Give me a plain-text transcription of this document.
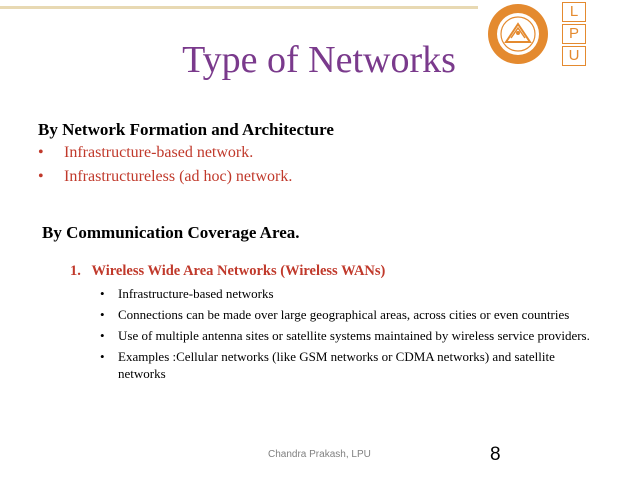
L
P
U
Type of Networks

By Network Formation and Architecture

• Infrastructure-based network.
• Infrastructureless (ad hoc) network.

By Communication Coverage Area.

1.   Wireless Wide Area Networks (Wireless WANs)

• Infrastructure-based networks
• Connections can be made over large geographical areas, across cities or even countries
• Use of multiple antenna sites or satellite systems maintained by wireless service providers.
• Examples :Cellular networks (like GSM networks or CDMA networks) and satellite networks
Chandra Prakash, LPU	8
